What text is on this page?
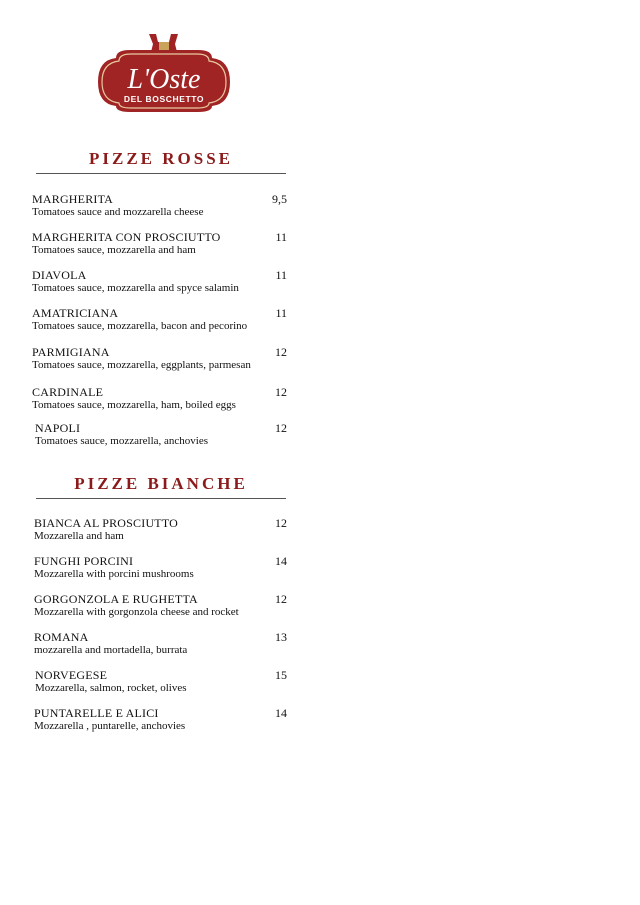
L'Oste
DEL BOSCHETTO
PIZZE ROSSE
MARGHERITA
Tomatoes sauce and mozzarella cheese
9,5
MARGHERITA CON PROSCIUTTO
Tomatoes sauce, mozzarella and ham
11
DIAVOLA
Tomatoes sauce, mozzarella and spyce salamin
11
AMATRICIANA
Tomatoes sauce, mozzarella, bacon and pecorino
11
PARMIGIANA
Tomatoes sauce, mozzarella, eggplants, parmesan
12
CARDINALE
Tomatoes sauce, mozzarella, ham, boiled eggs
12
NAPOLI
Tomatoes sauce, mozzarella, anchovies
12
PIZZE BIANCHE
BIANCA AL PROSCIUTTO
Mozzarella and ham
12
FUNGHI PORCINI
Mozzarella with porcini mushrooms
14
GORGONZOLA E RUGHETTA
Mozzarella with gorgonzola cheese and rocket
12
ROMANA
mozzarella and mortadella, burrata
13
NORVEGESE
Mozzarella, salmon, rocket, olives
15
PUNTARELLE E ALICI
Mozzarella , puntarelle, anchovies
14
